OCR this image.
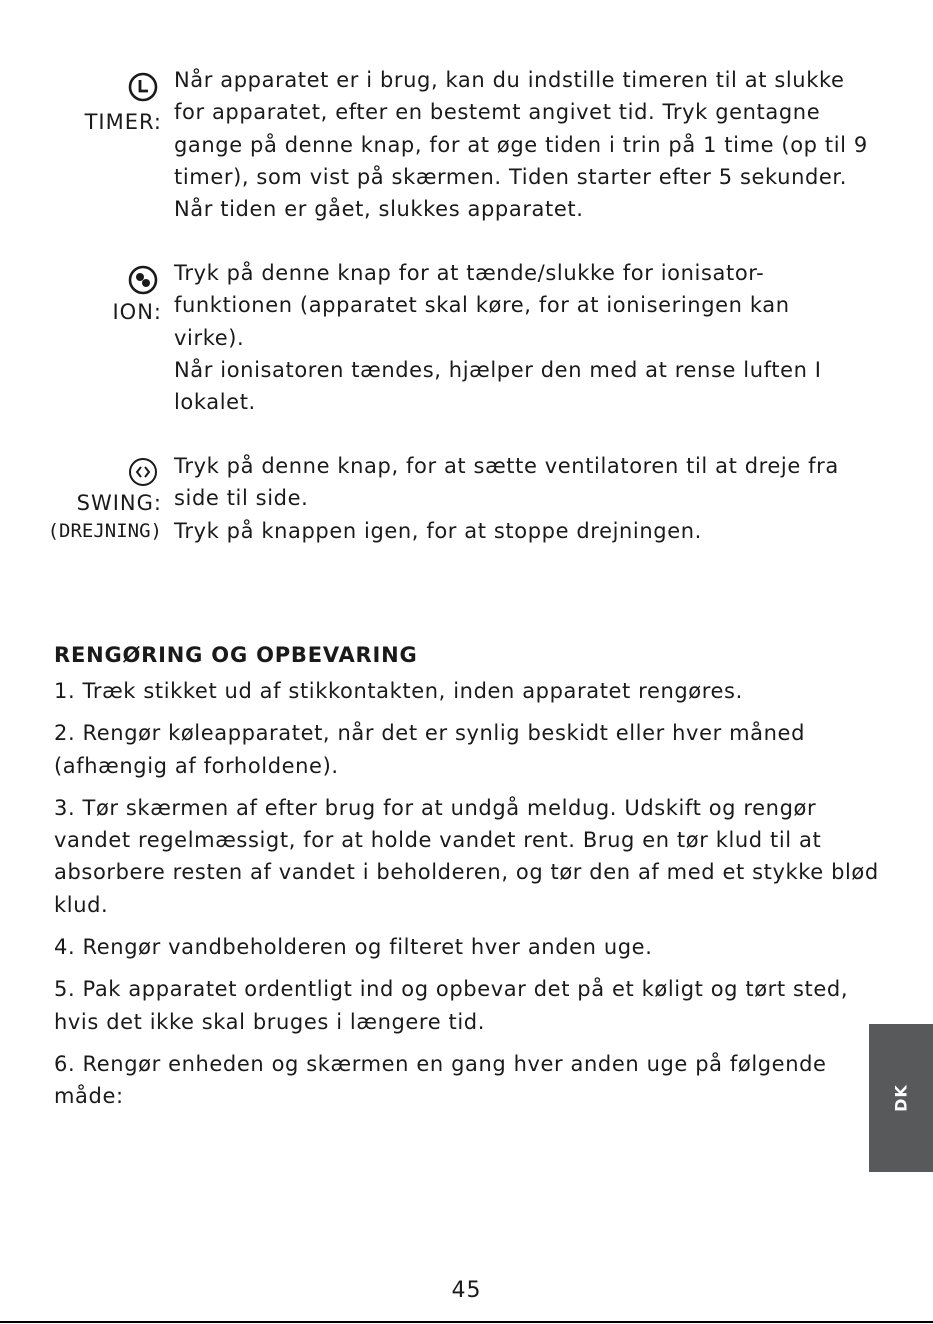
TIMER:

Når apparatet er i brug, kan du indstille timeren til at slukke

for apparatet, efter en bestemt angivet tid. Tryk gentagne

gange på denne knap, for at øge tiden i trin på 1 time (op til 9

timer), som vist på skærmen. Tiden starter efter 5 sekunder.

Når tiden er gået, slukkes apparatet.

ION:

Tryk på denne knap for at tænde/slukke for ionisator-

funktionen (apparatet skal køre, for at ioniseringen kan

virke).

Når ionisatoren tændes, hjælper den med at rense luften I

lokalet.

SWING:
(DREJNING)

Tryk på denne knap, for at sætte ventilatoren til at dreje fra

side til side.

Tryk på knappen igen, for at stoppe drejningen.

RENGØRING OG OPBEVARING

1. Træk stikket ud af stikkontakten, inden apparatet rengøres.

2. Rengør køleapparatet, når det er synlig beskidt eller hver måned (afhængig af forholdene).

3. Tør skærmen af efter brug for at undgå meldug. Udskift og rengør vandet regelmæssigt, for at holde vandet rent. Brug en tør klud til at absorbere resten af vandet i beholderen, og tør den af med et stykke blød klud.

4. Rengør vandbeholderen og filteret hver anden uge.

5. Pak apparatet ordentligt ind og opbevar det på et køligt og tørt sted, hvis det ikke skal bruges i længere tid.

6. Rengør enheden og skærmen en gang hver anden uge på følgende måde:	DK
45
